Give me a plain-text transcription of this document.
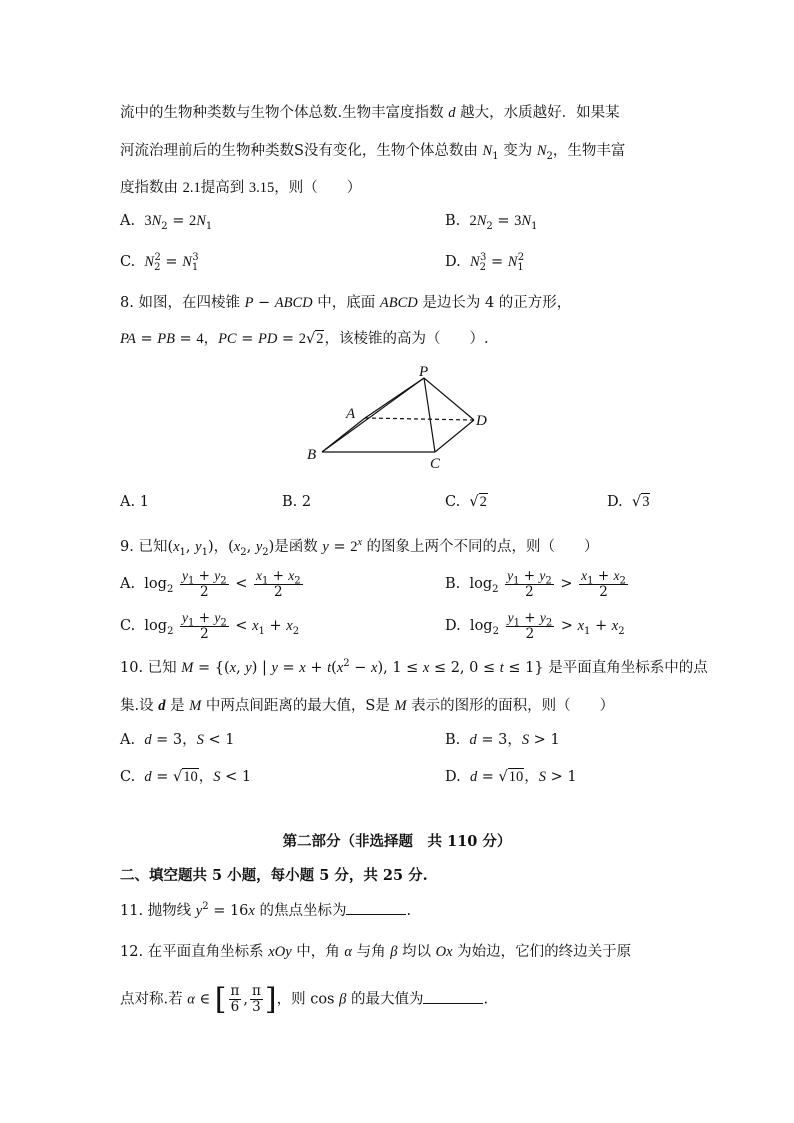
流中的生物种类数与生物个体总数.生物丰富度指数 d 越大，水质越好．如果某
河流治理前后的生物种类数S没有变化，生物个体总数由 $N_1$ 变为 $N_2$，生物丰富
度指数由 2.1提高到 3.15，则（　　）
A. $3N_2 = 2N_1$	B. $2N_2 = 3N_1$
C. $N_2^2 = N_1^3$	D. $N_2^3 = N_1^2$
8. 如图，在四棱锥 P − ABCD 中，底面 ABCD 是边长为 4 的正方形，
PA = PB = 4，PC = PD = 2√2，该棱锥的高为（　　）.
P
A
B
C
D
A. 1	B. 2	C.  √2	D.  √3
9. 已知($x_1$, $y_1$)，($x_2$, $y_2$)是函数 $y = 2^x$ 的图象上两个不同的点，则（　　）
A.  $\log_2 \frac{y_1 + y_2}{2} < \frac{x_1 + x_2}{2}$	B.  $\log_2 \frac{y_1 + y_2}{2} > \frac{x_1 + x_2}{2}$
C.  $\log_2 \frac{y_1 + y_2}{2} < x_1 + x_2$	D.  $\log_2 \frac{y_1 + y_2}{2} > x_1 + x_2$
10. 已知 M = {(x, y) | $y = x + t(x^2 - x)$, 1 ≤ x ≤ 2, 0 ≤ t ≤ 1} 是平面直角坐标系中的点
集.设 d 是 M 中两点间距离的最大值，S是 M 表示的图形的面积，则（　　）
A.  d = 3，S < 1	B.  d = 3，S > 1
C.  d = √10，S < 1	D.  d = √10，S > 1
第二部分（非选择题　共 110 分）
二、填空题共 5 小题，每小题 5 分，共 25 分.
11. 抛物线 $y^2 = 16x$ 的焦点坐标为	.
12. 在平面直角坐标系 xOy 中，角 α 与角 β 均以 Ox 为始边，它们的终边关于原
点对称.若 α ∈ [ $\frac{\pi}{6}$ , $\frac{\pi}{3}$ ]，则 cos β 的最大值为	.
